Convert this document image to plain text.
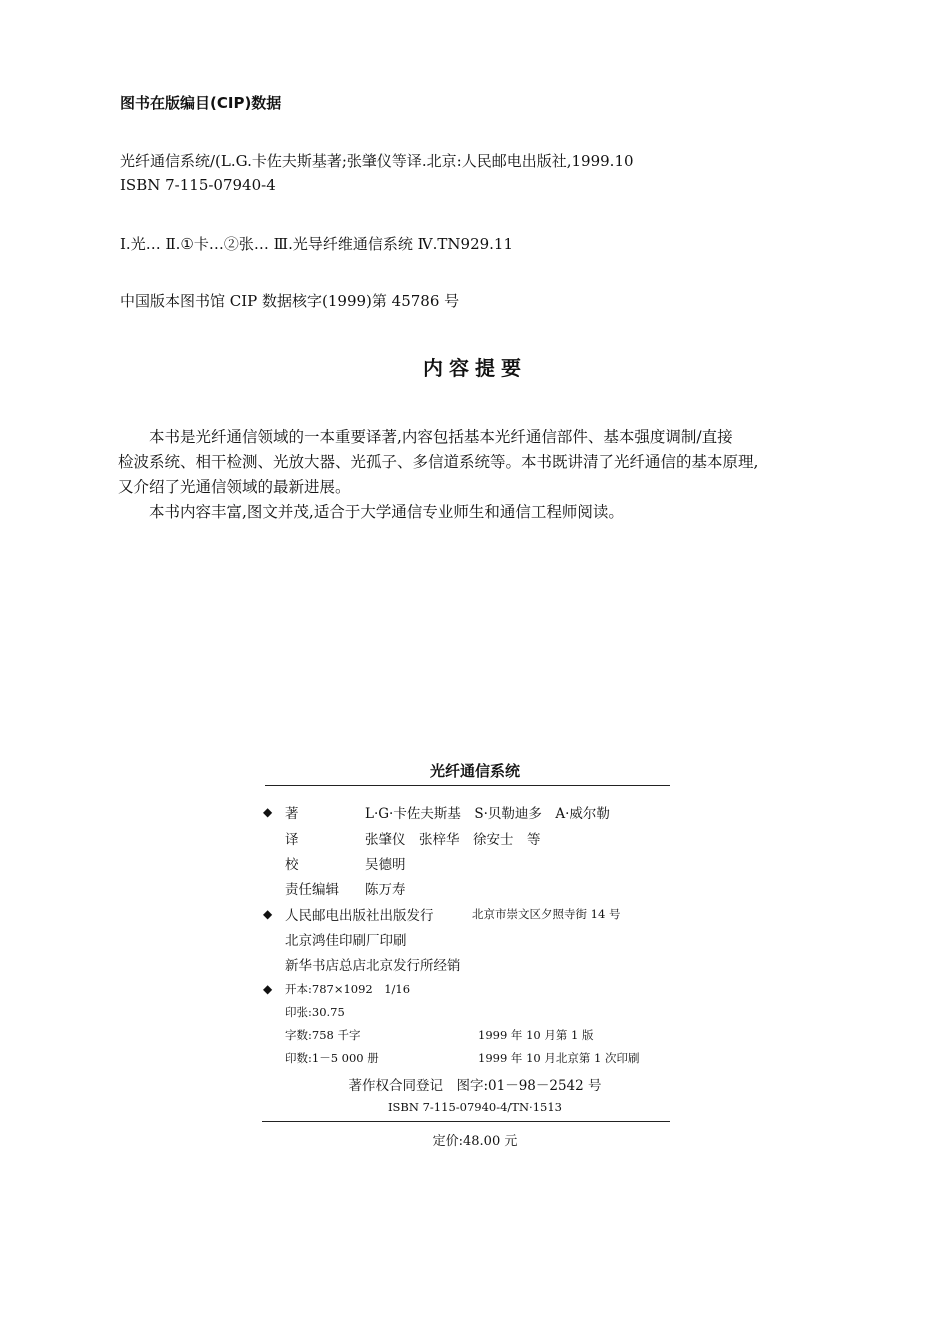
图书在版编目(CIP)数据
光纤通信系统/(L.G.卡佐夫斯基著;张肇仪等译.北京:人民邮电出版社,1999.10
ISBN 7-115-07940-4
Ⅰ.光… Ⅱ.①卡…②张… Ⅲ.光导纤维通信系统 Ⅳ.TN929.11
中国版本图书馆 CIP 数据核字(1999)第 45786 号
内容提要

本书是光纤通信领域的一本重要译著,内容包括基本光纤通信部件、基本强度调制/直接

检波系统、相干检测、光放大器、光孤子、多信道系统等。本书既讲清了光纤通信的基本原理,

又介绍了光通信领域的最新进展。

本书内容丰富,图文并茂,适合于大学通信专业师生和通信工程师阅读。

光纤通信系统
◆ 著	L·G·卡佐夫斯基　S·贝勒迪多　A·威尔勒
译	张肇仪　张梓华　徐安士　等
校	吴德明
责任编辑 陈万寿
◆ 人民邮电出版社出版发行	北京市崇文区夕照寺街 14 号
北京鸿佳印刷厂印刷
新华书店总店北京发行所经销
◆ 开本:787×1092　1/16
印张:30.75
字数:758 千字	1999 年 10 月第 1 版
印数:1－5 000 册	1999 年 10 月北京第 1 次印刷
著作权合同登记　图字:01－98－2542 号
ISBN 7-115-07940-4/TN·1513
定价:48.00 元
